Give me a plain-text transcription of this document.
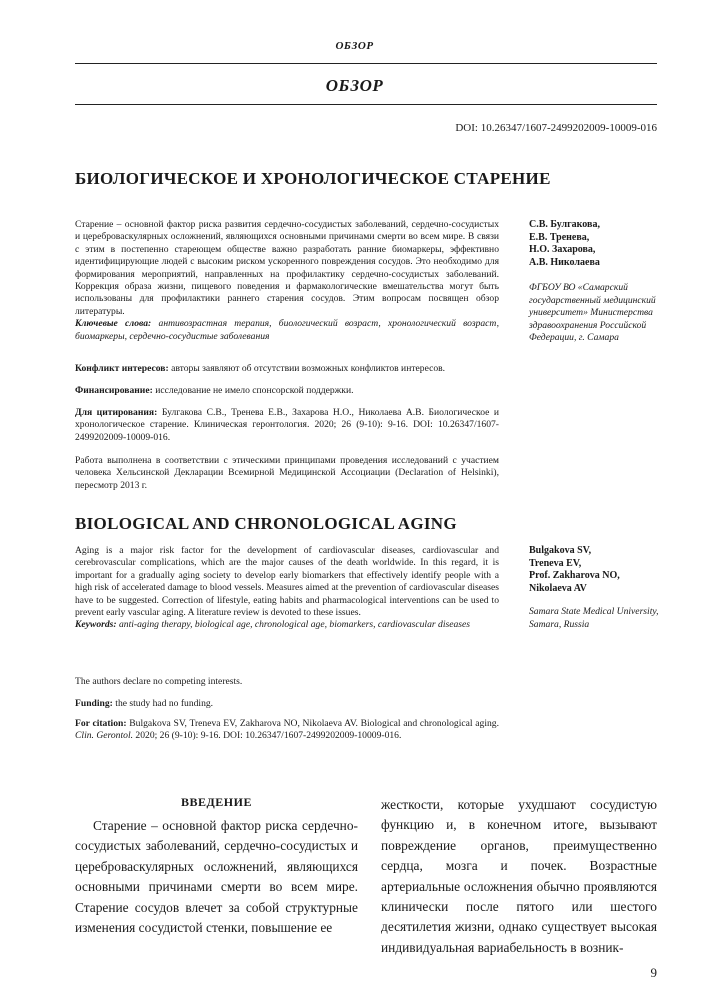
ОБЗОР
ОБЗОР
DOI: 10.26347/1607-2499202009-10009-016
БИОЛОГИЧЕСКОЕ И ХРОНОЛОГИЧЕСКОЕ СТАРЕНИЕ

Старение – основной фактор риска развития сердечно-сосудистых заболеваний, сердечно-сосудистых и цереброваскулярных осложнений, являющихся основными причинами смерти во всем мире. В связи с этим в постепенно стареющем обществе важно разработать ранние биомаркеры, эффективно идентифицирующие людей с высоким риском ускоренного повреждения сосудов. Это необходимо для формирования мероприятий, направленных на профилактику сердечно-сосудистых заболеваний. Коррекция образа жизни, пищевого поведения и фармакологические вмешательства могут быть использованы для профилактики раннего старения сосудов. Этим вопросам посвящен обзор литературы.

Ключевые слова: антивозрастная терапия, биологический возраст, хронологический возраст, биомаркеры, сердечно-сосудистые заболевания

Конфликт интересов: авторы заявляют об отсутствии возможных конфликтов интересов.
Финансирование: исследование не имело спонсорской поддержки.
Для цитирования: Булгакова С.В., Тренева Е.В., Захарова Н.О., Николаева А.В. Биологическое и хронологическое старение. Клиническая геронтология. 2020; 26 (9-10): 9-16. DOI: 10.26347/1607-2499202009-10009-016.
Работа выполнена в соответствии с этическими принципами проведения исследований с участием человека Хельсинской Декларации Всемирной Медицинской Ассоциации (Declaration of Helsinki), пересмотр 2013 г.
С.В. Булгакова,
Е.В. Тренева,
Н.О. Захарова,
А.В. Николаева
ФГБОУ ВО «Самарский государственный медицинский университет» Министерства здравоохранения Российской Федерации, г. Самара
BIOLOGICAL AND CHRONOLOGICAL AGING

Aging is a major risk factor for the development of cardiovascular diseases, cardiovascular and cerebrovascular complications, which are the major causes of the death worldwide. In this regard, it is important for a gradually aging society to develop early biomarkers that effectively identify people with a high risk of accelerated damage to blood vessels. Measures aimed at the prevention of cardiovascular diseases have to be suggested. Correction of lifestyle, eating habits and pharmacological interventions can be used to prevent early vascular aging. A literature review is devoted to these issues.

Keywords: anti-aging therapy, biological age, chronological age, biomarkers, cardiovascular diseases

The authors declare no competing interests.
Funding: the study had no funding.
For citation: Bulgakova SV, Treneva EV, Zakharova NO, Nikolaeva AV. Biological and chronological aging. Clin. Gerontol. 2020; 26 (9-10): 9-16. DOI: 10.26347/1607-2499202009-10009-016.
Bulgakova SV,
Treneva EV,
Prof. Zakharova NO,
Nikolaeva AV
Samara State Medical University, Samara, Russia
ВВЕДЕНИЕ
Старение – основной фактор риска сердечно-сосудистых заболеваний, сердечно-сосудистых и цереброваскулярных осложнений, являющихся основными причинами смерти во всем мире. Старение сосудов влечет за собой структурные изменения сосудистой стенки, повышение ее
жесткости, которые ухудшают сосудистую функцию и, в конечном итоге, вызывают повреждение органов, преимущественно сердца, мозга и почек. Возрастные артериальные осложнения обычно проявляются клинически после пятого или шестого десятилетия жизни, однако существует высокая индивидуальная вариабельность в возник-
9
